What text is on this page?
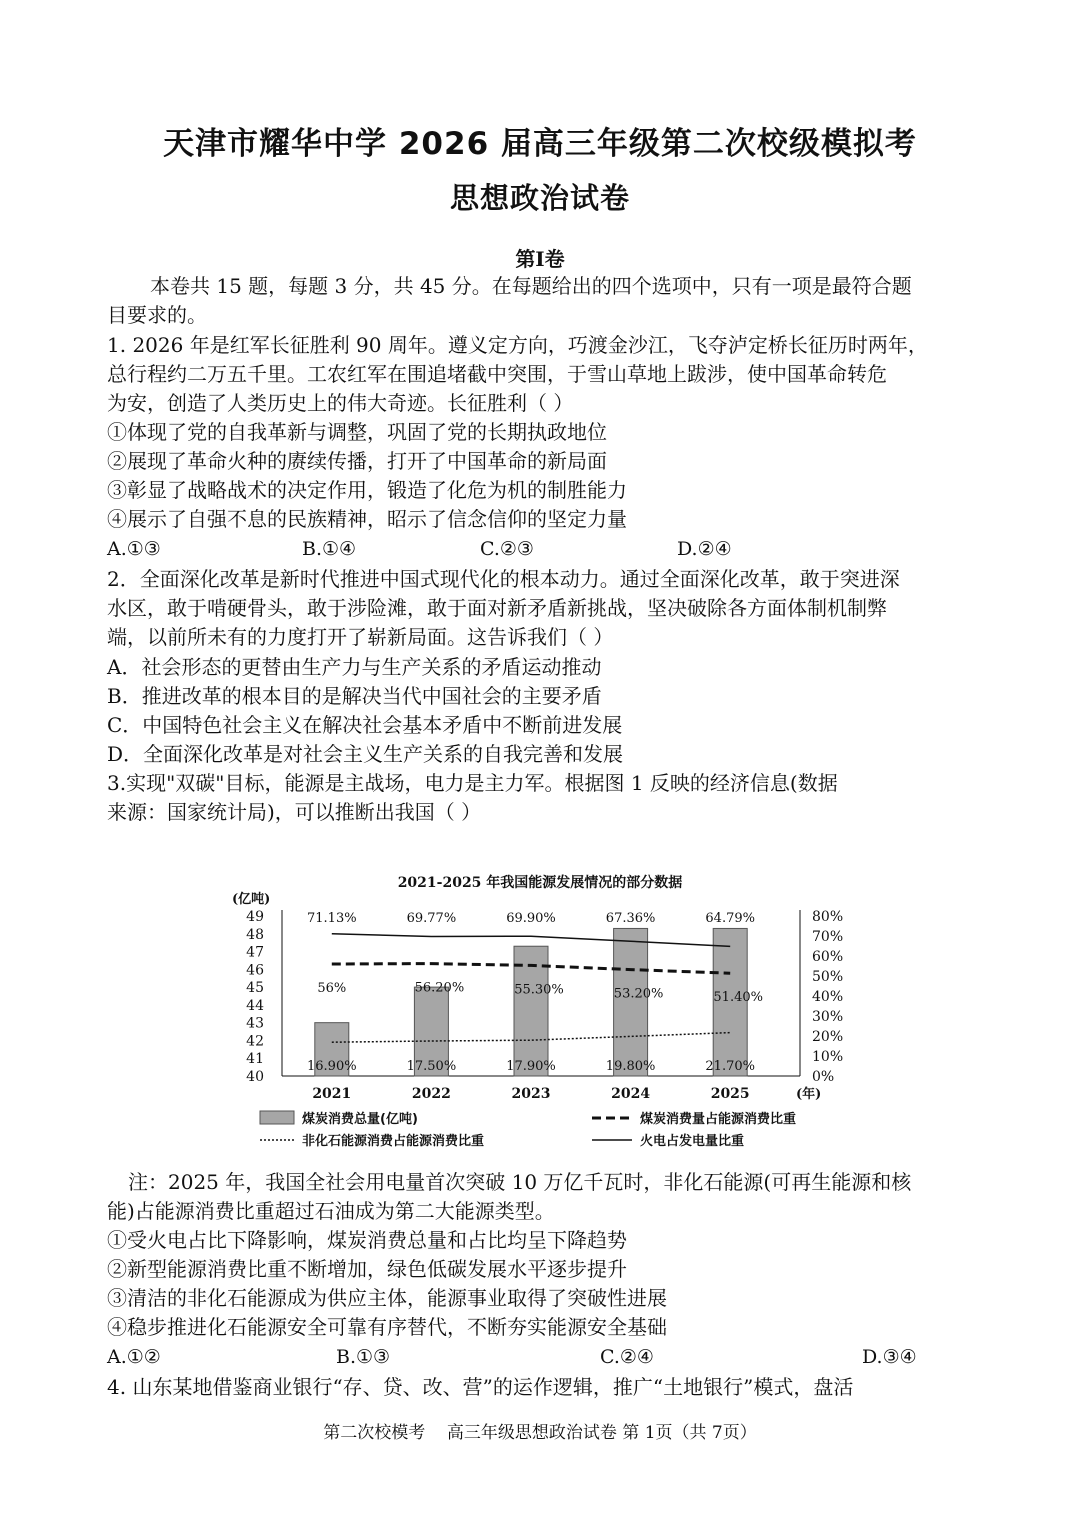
天津市耀华中学 2026 届高三年级第二次校级模拟考
思想政治试卷
第Ⅰ卷
本卷共 15 题，每题 3 分，共 45 分。在每题给出的四个选项中，只有一项是最符合题
目要求的。
1. 2026 年是红军长征胜利 90 周年。遵义定方向，巧渡金沙江，飞夺泸定桥长征历时两年，
总行程约二万五千里。工农红军在围追堵截中突围，于雪山草地上跋涉，使中国革命转危
为安，创造了人类历史上的伟大奇迹。长征胜利（ ）
①体现了党的自我革新与调整，巩固了党的长期执政地位
②展现了革命火种的赓续传播，打开了中国革命的新局面
③彰显了战略战术的决定作用，锻造了化危为机的制胜能力
④展示了自强不息的民族精神，昭示了信念信仰的坚定力量
A.①③	B.①④	C.②③	D.②④
2．全面深化改革是新时代推进中国式现代化的根本动力。通过全面深化改革，敢于突进深
水区，敢于啃硬骨头，敢于涉险滩，敢于面对新矛盾新挑战，坚决破除各方面体制机制弊
端，以前所未有的力度打开了崭新局面。这告诉我们（ ）
A．社会形态的更替由生产力与生产关系的矛盾运动推动
B．推进改革的根本目的是解决当代中国社会的主要矛盾
C．中国特色社会主义在解决社会基本矛盾中不断前进发展
D．全面深化改革是对社会主义生产关系的自我完善和发展
3.实现"双碳"目标，能源是主战场，电力是主力军。根据图 1 反映的经济信息(数据
来源：国家统计局)，可以推断出我国（ ）
2021-2025 年我国能源发展情况的部分数据
(亿吨)
40
41
42
43
44
45
46
47
48
49
0%
10%
20%
30%
40%
50%
60%
70%
80%
71.13%	69.77%	69.90%	67.36%	64.79%
56%	56.20%	55.30%	53.20%	51.40%
16.90%	17.50%	17.90%	19.80%	21.70%
2021	2022	2023	2024	2025	(年)
煤炭消费总量(亿吨)	煤炭消费量占能源消费比重
非化石能源消费占能源消费比重	火电占发电量比重
注：2025 年，我国全社会用电量首次突破 10 万亿千瓦时，非化石能源(可再生能源和核
能)占能源消费比重超过石油成为第二大能源类型。
①受火电占比下降影响，煤炭消费总量和占比均呈下降趋势
②新型能源消费比重不断增加，绿色低碳发展水平逐步提升
③清洁的非化石能源成为供应主体，能源事业取得了突破性进展
④稳步推进化石能源安全可靠有序替代，不断夯实能源安全基础
A.①②	B.①③	C.②④	D.③④
4. 山东某地借鉴商业银行“存、贷、改、营”的运作逻辑，推广“土地银行”模式，盘活
第二次校模考    高三年级思想政治试卷 第 1页（共 7页）
